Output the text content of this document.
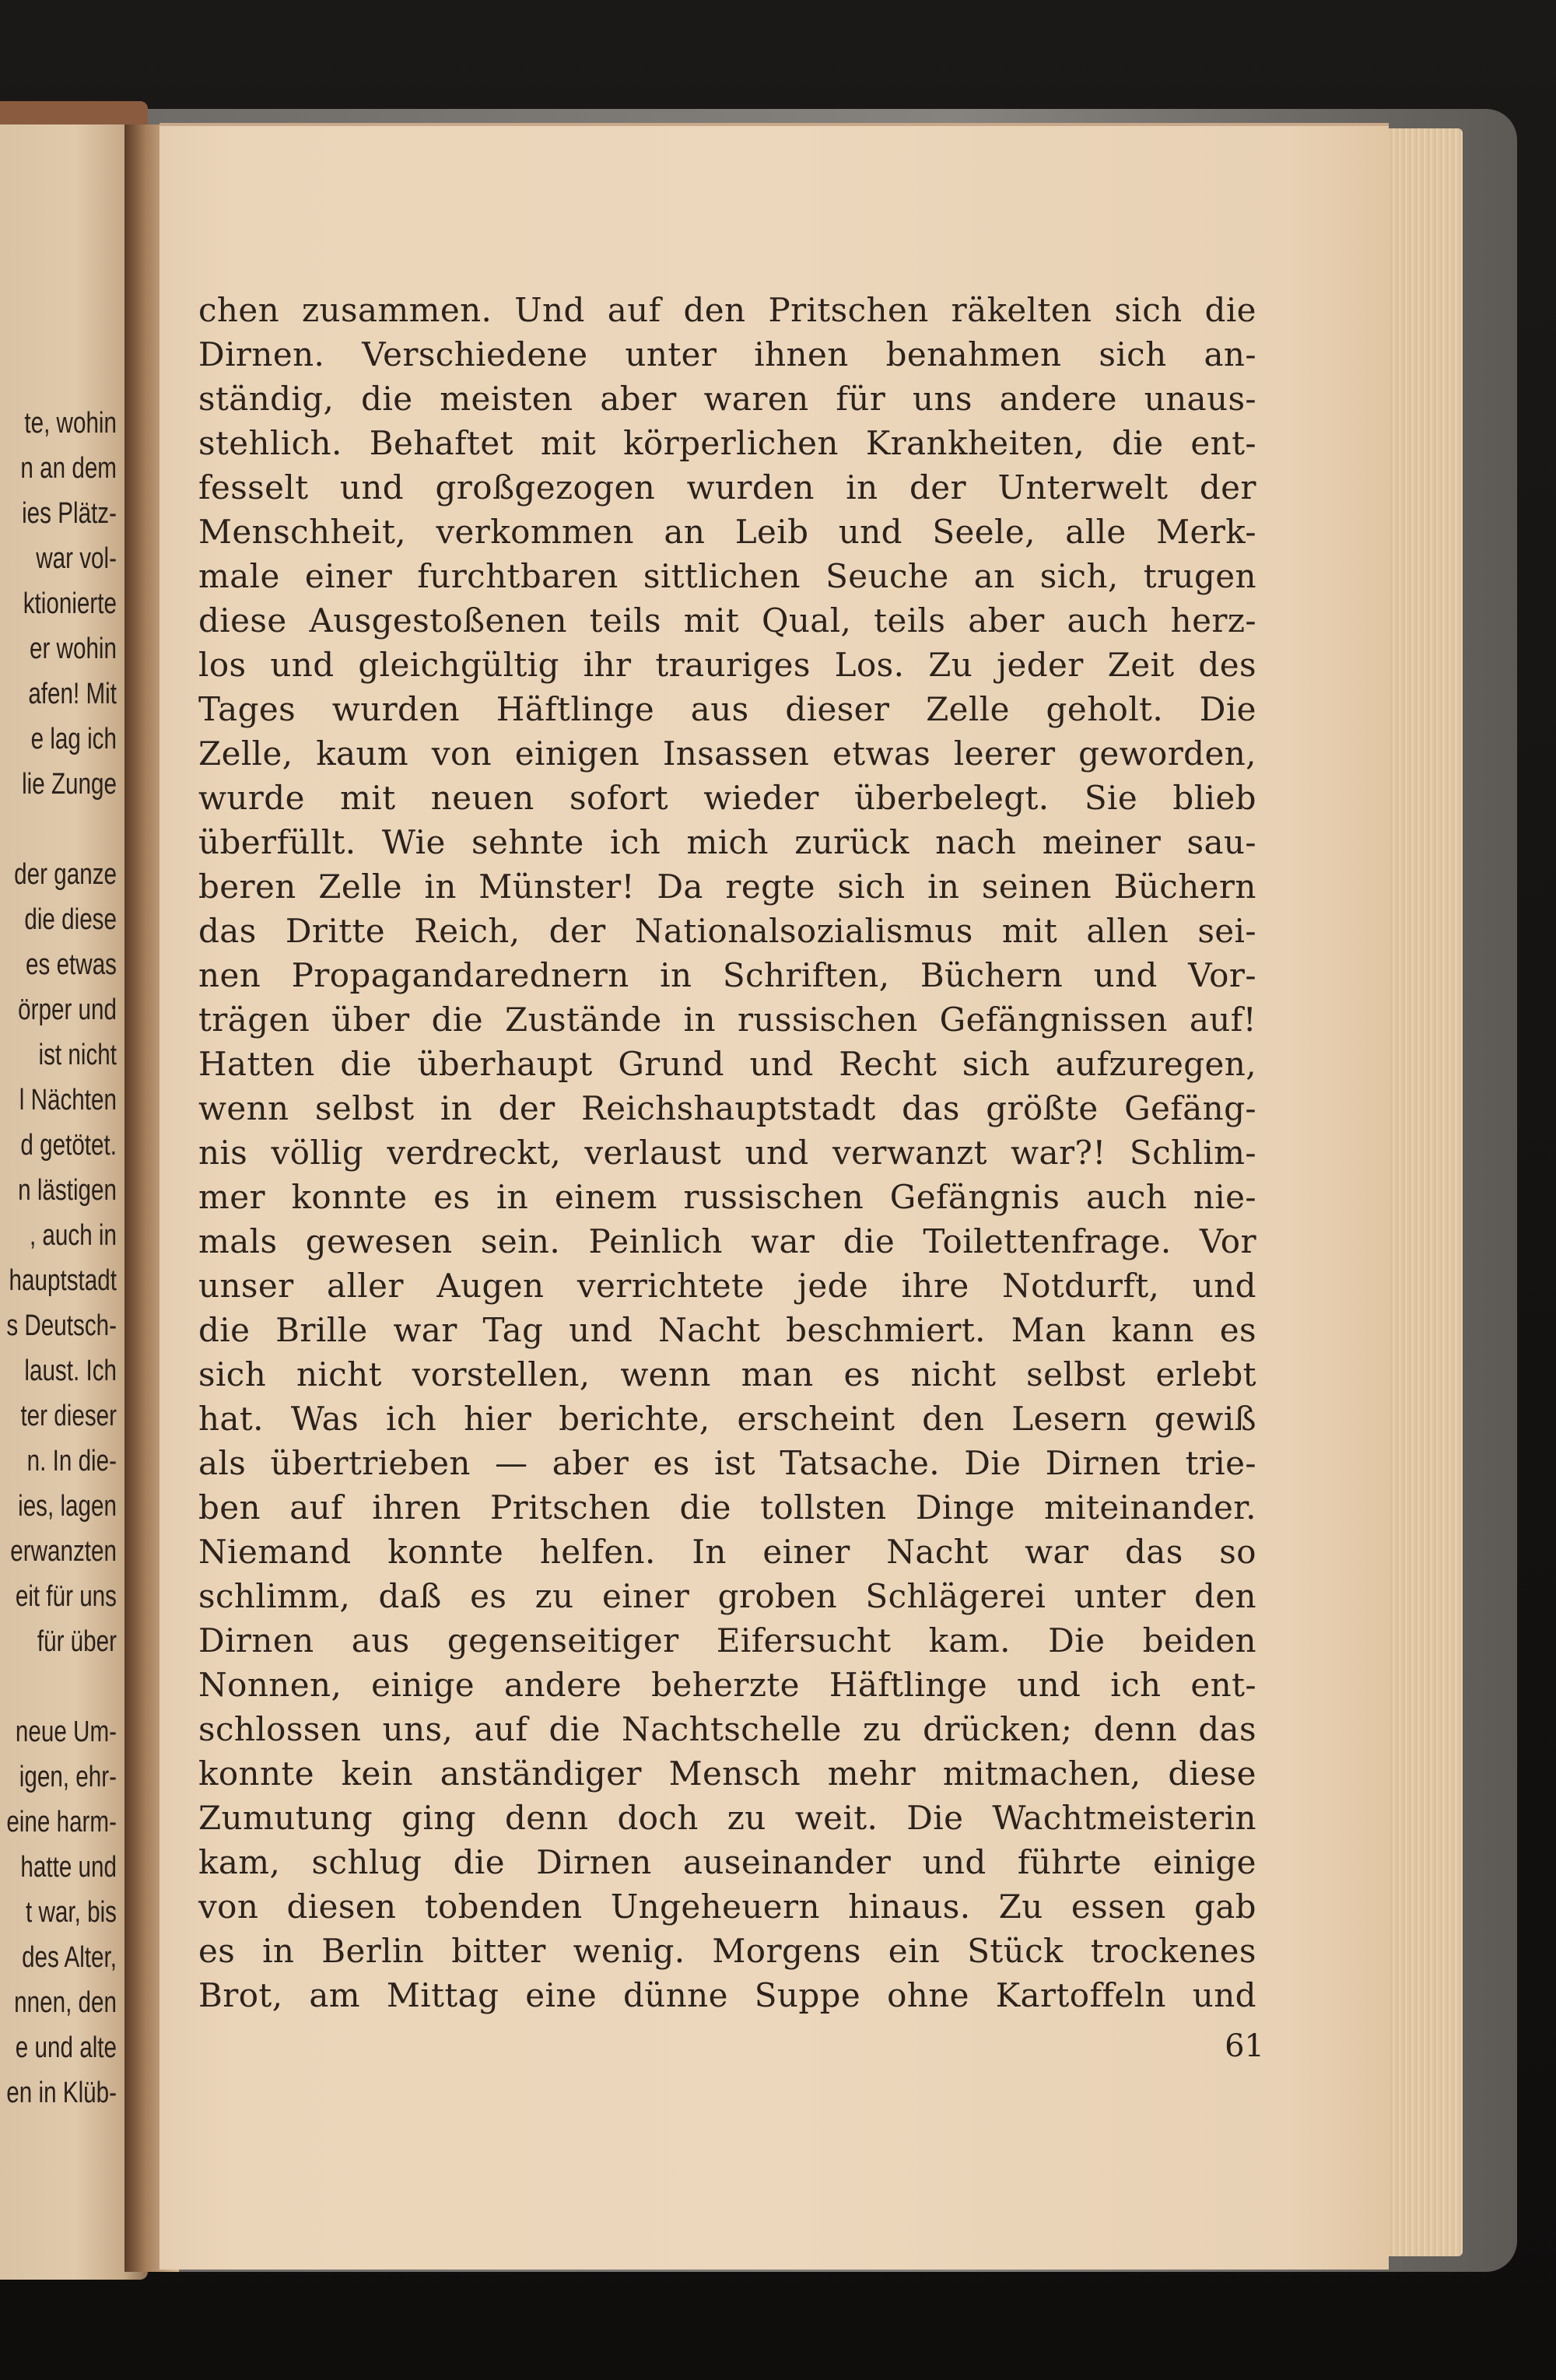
te, wohin
n an dem
ies Plätz-
war vol-
ktionierte
er wohin
afen! Mit
e lag ich
lie Zunge
der ganze
die diese
es etwas
örper und
ist nicht
l Nächten
d getötet.
n lästigen
, auch in
hauptstadt
s Deutsch-
laust. Ich
ter dieser
n. In die-
ies, lagen
erwanzten
eit für uns
für über
neue Um-
igen, ehr-
eine harm-
hatte und
t war, bis
des Alter,
nnen, den
e und alte
en in Klüb-
chen zusammen. Und auf den Pritschen räkelten sich die
Dirnen. Verschiedene unter ihnen benahmen sich an-
ständig, die meisten aber waren für uns andere unaus-
stehlich. Behaftet mit körperlichen Krankheiten, die ent-
fesselt und großgezogen wurden in der Unterwelt der
Menschheit, verkommen an Leib und Seele, alle Merk-
male einer furchtbaren sittlichen Seuche an sich, trugen
diese Ausgestoßenen teils mit Qual, teils aber auch herz-
los und gleichgültig ihr trauriges Los. Zu jeder Zeit des
Tages wurden Häftlinge aus dieser Zelle geholt. Die
Zelle, kaum von einigen Insassen etwas leerer geworden,
wurde mit neuen sofort wieder überbelegt. Sie blieb
überfüllt. Wie sehnte ich mich zurück nach meiner sau-
beren Zelle in Münster! Da regte sich in seinen Büchern
das Dritte Reich, der Nationalsozialismus mit allen sei-
nen Propagandarednern in Schriften, Büchern und Vor-
trägen über die Zustände in russischen Gefängnissen auf!
Hatten die überhaupt Grund und Recht sich aufzuregen,
wenn selbst in der Reichshauptstadt das größte Gefäng-
nis völlig verdreckt, verlaust und verwanzt war?! Schlim-
mer konnte es in einem russischen Gefängnis auch nie-
mals gewesen sein. Peinlich war die Toilettenfrage. Vor
unser aller Augen verrichtete jede ihre Notdurft, und
die Brille war Tag und Nacht beschmiert. Man kann es
sich nicht vorstellen, wenn man es nicht selbst erlebt
hat. Was ich hier berichte, erscheint den Lesern gewiß
als übertrieben — aber es ist Tatsache. Die Dirnen trie-
ben auf ihren Pritschen die tollsten Dinge miteinander.
Niemand konnte helfen. In einer Nacht war das so
schlimm, daß es zu einer groben Schlägerei unter den
Dirnen aus gegenseitiger Eifersucht kam. Die beiden
Nonnen, einige andere beherzte Häftlinge und ich ent-
schlossen uns, auf die Nachtschelle zu drücken; denn das
konnte kein anständiger Mensch mehr mitmachen, diese
Zumutung ging denn doch zu weit. Die Wachtmeisterin
kam, schlug die Dirnen auseinander und führte einige
von diesen tobenden Ungeheuern hinaus. Zu essen gab
es in Berlin bitter wenig. Morgens ein Stück trockenes
Brot, am Mittag eine dünne Suppe ohne Kartoffeln und
61
